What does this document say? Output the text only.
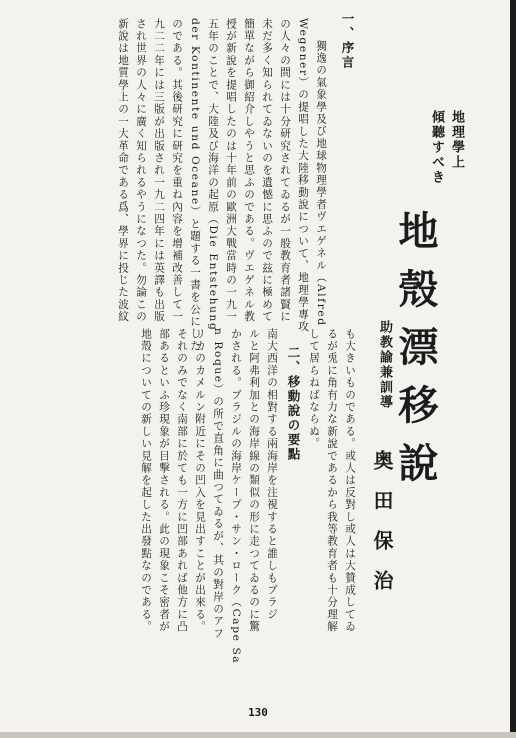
地理學上
傾聽すべき
地殼漂移說
助教諭兼訓導
奥田保治
も大きいものである。或人は反對し或人は大贊成してゐ
るが兎に角有力な新說であるから我等教育者も十分理解
して居らねばならぬ。
二、移動說の要點
南大西洋の相對する兩海岸を注視すると誰しもブラジ
ルと阿弗利加との海岸線の類似の形に走つてゐるのに驚
かされる。ブラジルの海岸ケープ・サン・ローク（Cape Sa
n Roque）の所で直角に曲つてゐるが、其の對岸のアフ
リカのカメルン附近にその凹入を見出すことが出來る。
それのみでなく南部に於ても一方に凹部あれば他方に凸
部あるといふ珍現象が目撃される。此の現象こそ密者が
地殼についての新しい見解を起した出發點なのである。
一、序言
獨逸の氣象學及び地球物理學者ヴエゲネル（Alfred
Wegener）の提唱した大陸移動說について、地理學專攻
の人々の間には十分研究されてゐるが一般教育者諸賢に
未だ多く知られてゐないのを遺憾に思ふので玆に極めて
簡單ながら御紹介しやうと思ふのである。ヴエゲネル教
授が新說を提唱したのは十年前の歐洲大戰當時の一九一
五年のことで、大陸及び海洋の起原（Die Entstehung
der Kontinente und Oceane）と題する一書を公にした
のである。其後研究に研究を重ね內容を增補改善して一
九二二年には三版が出版され一九二四年には英譯も出版
され世界の人々に廣く知られるやうになつた。勿論この
新說は地質學上の一大革命である爲、學界に投じた波紋
130
